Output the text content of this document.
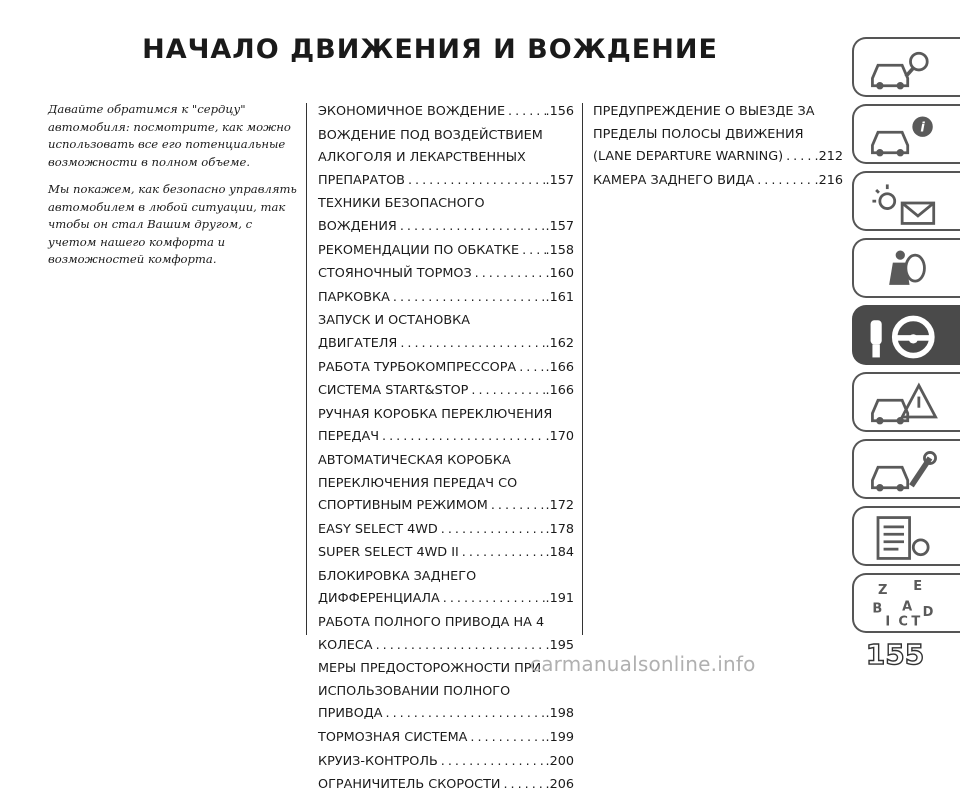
НАЧАЛО ДВИЖЕНИЯ И ВОЖДЕНИЕ

Давайте обратимся к "сердцу" автомобиля: посмотрите, как можно использовать все его потенциальные возможности в полном объеме.

Мы покажем, как безопасно управлять автомобилем в любой ситуации, так чтобы он стал Вашим другом, с учетом нашего комфорта и возможностей комфорта.

ЭКОНОМИЧНОЕ ВОЖДЕНИЕ .....	.156
ВОЖДЕНИЕ ПОД ВОЗДЕЙСТВИЕМ
АЛКОГОЛЯ И ЛЕКАРСТВЕННЫХ
ПРЕПАРАТОВ .....	.157
ТЕХНИКИ БЕЗОПАСНОГО
ВОЖДЕНИЯ .....	.157
РЕКОМЕНДАЦИИ ПО ОБКАТКЕ ..... .158
СТОЯНОЧНЫЙ ТОРМОЗ .....	.160
ПАРКОВКА .....	.161
ЗАПУСК И ОСТАНОВКА
ДВИГАТЕЛЯ .....	.162
РАБОТА ТУРБОКОМПРЕССОРА ..... .166
СИСТЕМА START&STOP .....	.166
РУЧНАЯ КОРОБКА ПЕРЕКЛЮЧЕНИЯ
ПЕРЕДАЧ .....	.170
АВТОМАТИЧЕСКАЯ КОРОБКА
ПЕРЕКЛЮЧЕНИЯ ПЕРЕДАЧ СО
СПОРТИВНЫМ РЕЖИМОМ .....	.172
EASY SELECT 4WD .....	.178
SUPER SELECT 4WD II .....	.184
БЛОКИРОВКА ЗАДНЕГО
ДИФФЕРЕНЦИАЛА .....	.191
РАБОТА ПОЛНОГО ПРИВОДА НА 4
КОЛЕСА .....	.195
МЕРЫ ПРЕДОСТОРОЖНОСТИ ПРИ
ИСПОЛЬЗОВАНИИ ПОЛНОГО
ПРИВОДА .....	.198
ТОРМОЗНАЯ СИСТЕМА .....	.199
КРУИЗ-КОНТРОЛЬ .....	.200
ОГРАНИЧИТЕЛЬ СКОРОСТИ .....	.206
ПРЕДУПРЕЖДЕНИЕ О ВЫЕЗДЕ ЗА
ПРЕДЕЛЫ ПОЛОСЫ ДВИЖЕНИЯ
(LANE DEPARTURE WARNING) ..... .212
КАМЕРА ЗАДНЕГО ВИДА .....	.216
i
Z E
B A
I C T
D
155
carmanualsonline.info
